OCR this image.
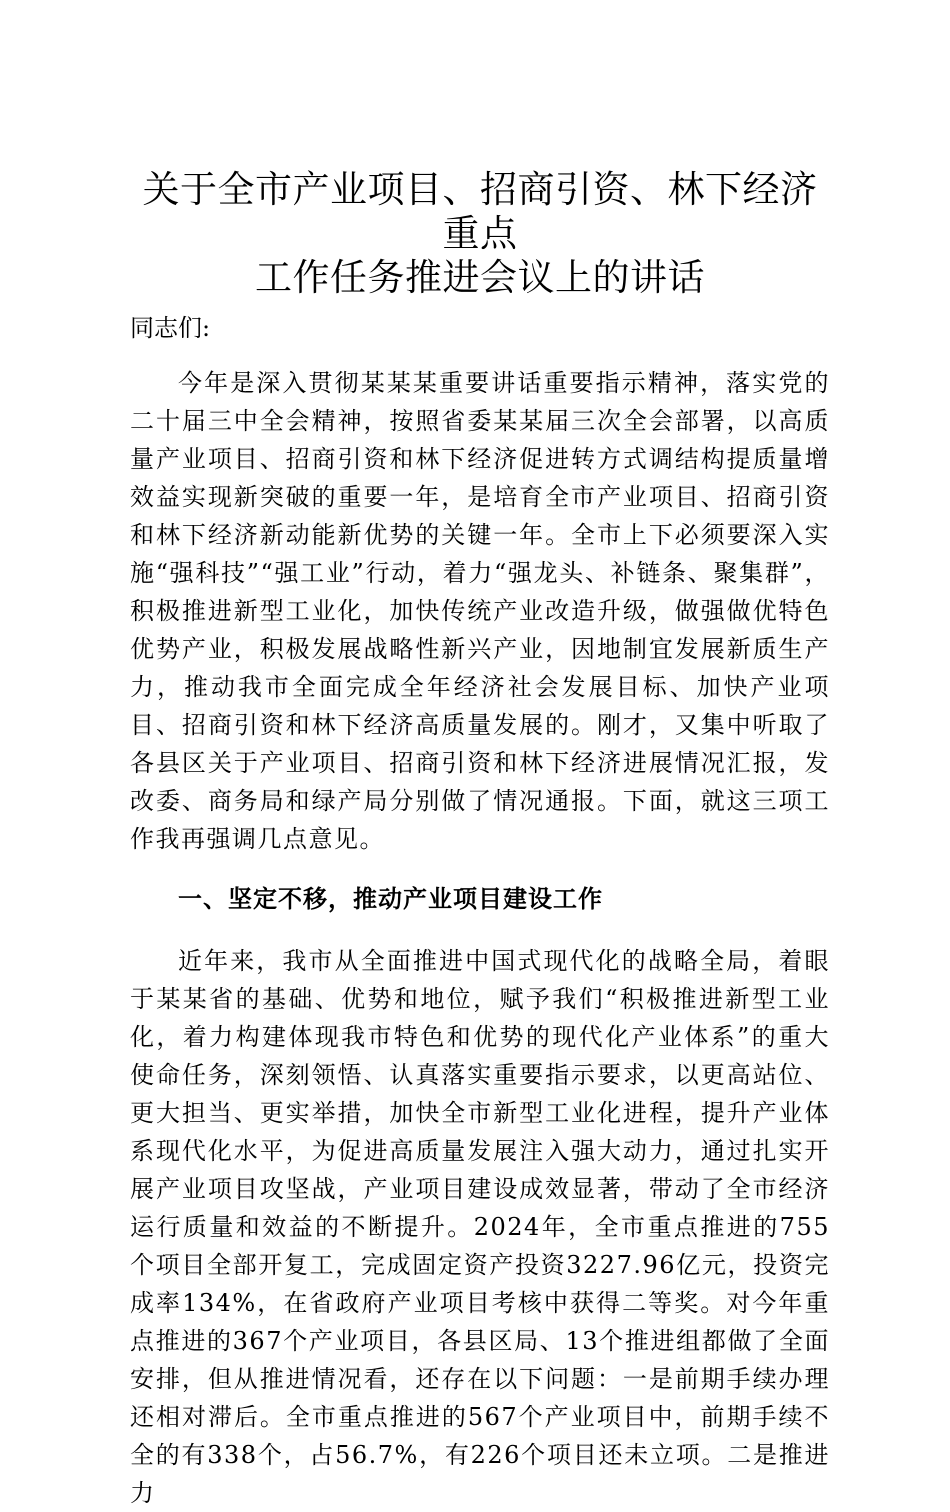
关于全市产业项目、招商引资、林下经济重点
工作任务推进会议上的讲话

同志们:

今年是深入贯彻某某某重要讲话重要指示精神，落实党的二十届三中全会精神，按照省委某某届三次全会部署，以高质量产业项目、招商引资和林下经济促进转方式调结构提质量增效益实现新突破的重要一年，是培育全市产业项目、招商引资和林下经济新动能新优势的关键一年。全市上下必须要深入实施“强科技”“强工业”行动，着力“强龙头、补链条、聚集群”，积极推进新型工业化，加快传统产业改造升级，做强做优特色优势产业，积极发展战略性新兴产业，因地制宜发展新质生产力，推动我市全面完成全年经济社会发展目标、加快产业项目、招商引资和林下经济高质量发展的。刚才，又集中听取了各县区关于产业项目、招商引资和林下经济进展情况汇报，发改委、商务局和绿产局分别做了情况通报。下面，就这三项工作我再强调几点意见。

一、坚定不移，推动产业项目建设工作

近年来，我市从全面推进中国式现代化的战略全局，着眼于某某省的基础、优势和地位，赋予我们“积极推进新型工业化，着力构建体现我市特色和优势的现代化产业体系”的重大使命任务，深刻领悟、认真落实重要指示要求，以更高站位、更大担当、更实举措，加快全市新型工业化进程，提升产业体系现代化水平，为促进高质量发展注入强大动力，通过扎实开展产业项目攻坚战，产业项目建设成效显著，带动了全市经济运行质量和效益的不断提升。2024年，全市重点推进的755个项目全部开复工，完成固定资产投资3227.96亿元，投资完成率134%，在省政府产业项目考核中获得二等奖。对今年重点推进的367个产业项目，各县区局、13个推进组都做了全面安排，但从推进情况看，还存在以下问题：一是前期手续办理还相对滞后。全市重点推进的567个产业项目中，前期手续不全的有338个，占56.7%，有226个项目还未立项。二是推进力
